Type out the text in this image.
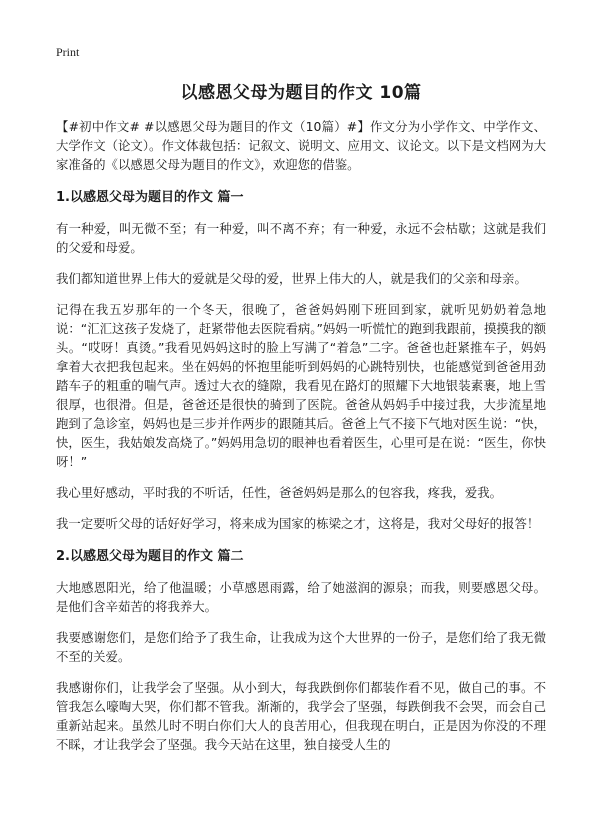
Print
以感恩父母为题目的作文 10篇

【#初中作文# #以感恩父母为题目的作文（10篇）#】作文分为小学作文、中学作文、大学作文（论文）。作文体裁包括：记叙文、说明文、应用文、议论文。以下是文档网为大家准备的《以感恩父母为题目的作文》，欢迎您的借鉴。

1.以感恩父母为题目的作文 篇一

有一种爱，叫无微不至；有一种爱，叫不离不弃；有一种爱，永远不会枯歇；这就是我们的父爱和母爱。

我们都知道世界上伟大的爱就是父母的爱，世界上伟大的人，就是我们的父亲和母亲。

记得在我五岁那年的一个冬天，很晚了，爸爸妈妈刚下班回到家，就听见奶奶着急地说：“汇汇这孩子发烧了，赶紧带他去医院看病。”妈妈一听慌忙的跑到我跟前，摸摸我的额头。“哎呀！真烫。”我看见妈妈这时的脸上写满了“着急”二字。爸爸也赶紧推车子，妈妈拿着大衣把我包起来。坐在妈妈的怀抱里能听到妈妈的心跳特别快，也能感觉到爸爸用劲踏车子的粗重的喘气声。透过大衣的缝隙，我看见在路灯的照耀下大地银装素裹，地上雪很厚，也很滑。但是，爸爸还是很快的骑到了医院。爸爸从妈妈手中接过我，大步流星地跑到了急诊室，妈妈也是三步并作两步的跟随其后。爸爸上气不接下气地对医生说：“快，快，医生，我姑娘发高烧了。”妈妈用急切的眼神也看着医生，心里可是在说：“医生，你快呀！”

我心里好感动，平时我的不听话，任性，爸爸妈妈是那么的包容我，疼我，爱我。

我一定要听父母的话好好学习，将来成为国家的栋梁之才，这将是，我对父母好的报答！

2.以感恩父母为题目的作文 篇二

大地感恩阳光，给了他温暖；小草感恩雨露，给了她滋润的源泉；而我，则要感恩父母。是他们含辛茹苦的将我养大。

我要感谢您们，是您们给予了我生命，让我成为这个大世界的一份子，是您们给了我无微不至的关爱。

我感谢你们，让我学会了坚强。从小到大，每我跌倒你们都装作看不见，做自己的事。不管我怎么嚎啕大哭，你们都不管我。渐渐的，我学会了坚强，每跌倒我不会哭，而会自己重新站起来。虽然儿时不明白你们大人的良苦用心，但我现在明白，正是因为你没的不理不睬，才让我学会了坚强。我今天站在这里，独自接受人生的
